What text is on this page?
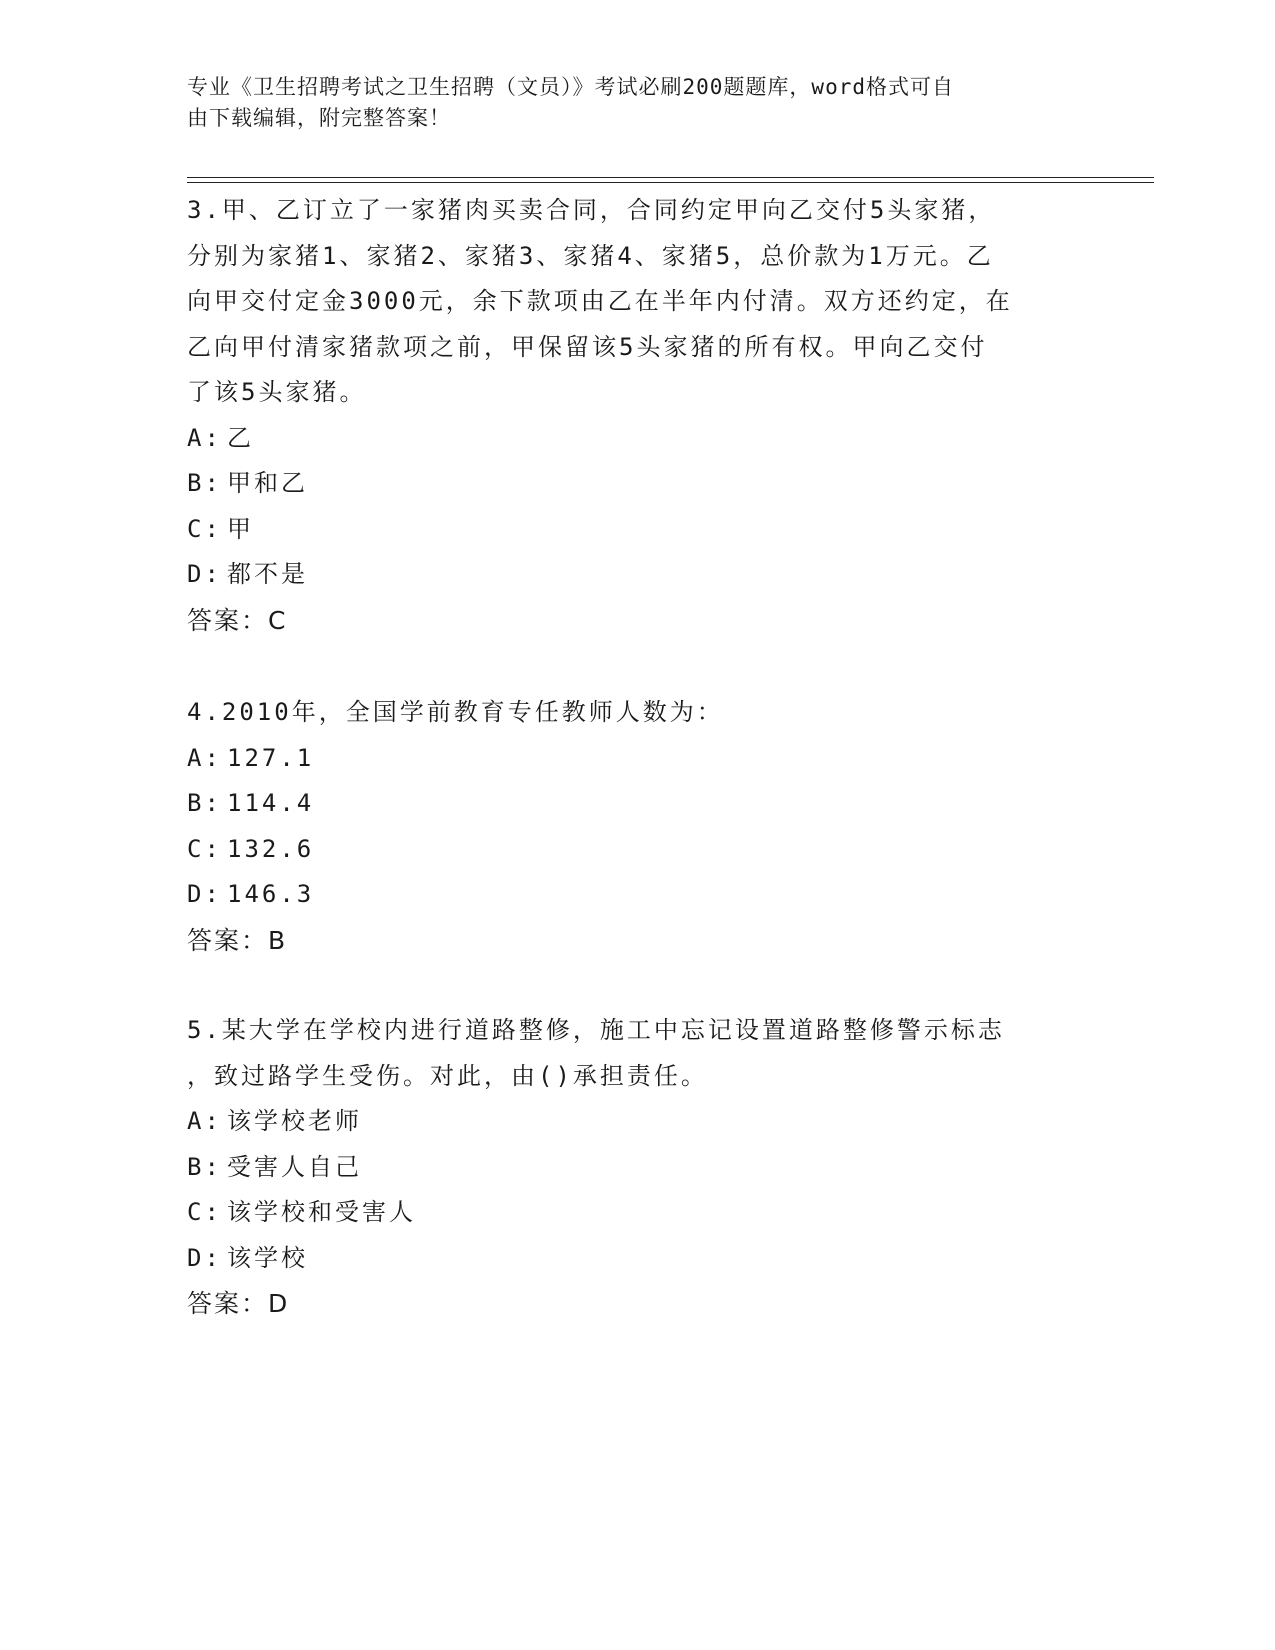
专业《卫生招聘考试之卫生招聘（文员）》考试必刷200题题库，word格式可自
由下载编辑，附完整答案！
3.甲、乙订立了一家猪肉买卖合同，合同约定甲向乙交付5头家猪，
分别为家猪1、家猪2、家猪3、家猪4、家猪5，总价款为1万元。乙
向甲交付定金3000元，余下款项由乙在半年内付清。双方还约定，在
乙向甲付清家猪款项之前，甲保留该5头家猪的所有权。甲向乙交付
了该5头家猪。
A: 乙
B: 甲和乙
C: 甲
D: 都不是
答案：C
4.2010年，全国学前教育专任教师人数为：
A: 127.1
B: 114.4
C: 132.6
D: 146.3
答案：B
5.某大学在学校内进行道路整修，施工中忘记设置道路整修警示标志
，致过路学生受伤。对此，由()承担责任。
A: 该学校老师
B: 受害人自己
C: 该学校和受害人
D: 该学校
答案：D
